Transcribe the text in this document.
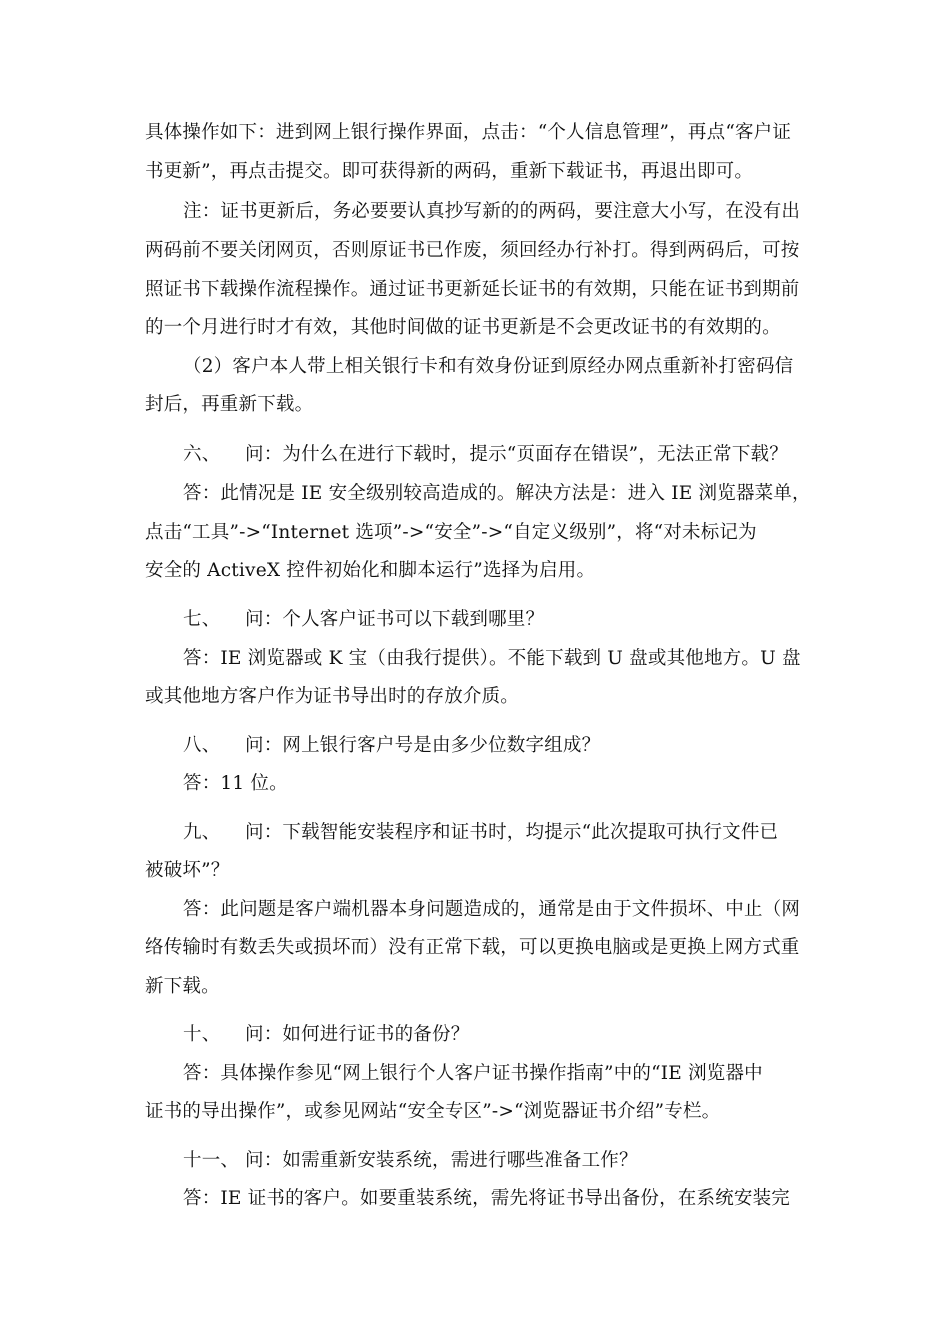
具体操作如下：进到网上银行操作界面，点击：“个人信息管理”，再点“客户证
书更新”，再点击提交。即可获得新的两码，重新下载证书，再退出即可。
注：证书更新后，务必要要认真抄写新的的两码，要注意大小写，在没有出
两码前不要关闭网页，否则原证书已作废，须回经办行补打。得到两码后，可按
照证书下载操作流程操作。通过证书更新延长证书的有效期，只能在证书到期前
的一个月进行时才有效，其他时间做的证书更新是不会更改证书的有效期的。
（2）客户本人带上相关银行卡和有效身份证到原经办网点重新补打密码信
封后，再重新下载。
六、 问：为什么在进行下载时，提示“页面存在错误”，无法正常下载？
答：此情况是 IE 安全级别较高造成的。解决方法是：进入 IE 浏览器菜单，
点击“工具”->“Internet 选项”->“安全”->“自定义级别”，将“对未标记为
安全的 ActiveX 控件初始化和脚本运行”选择为启用。
七、 问：个人客户证书可以下载到哪里？
答：IE 浏览器或 K 宝（由我行提供）。不能下载到 U 盘或其他地方。U 盘
或其他地方客户作为证书导出时的存放介质。
八、 问：网上银行客户号是由多少位数字组成？
答：11 位。
九、 问：下载智能安装程序和证书时，均提示“此次提取可执行文件已
被破坏”？
答：此问题是客户端机器本身问题造成的，通常是由于文件损坏、中止（网
络传输时有数丢失或损坏而）没有正常下载，可以更换电脑或是更换上网方式重
新下载。
十、 问：如何进行证书的备份？
答：具体操作参见“网上银行个人客户证书操作指南”中的“IE 浏览器中
证书的导出操作”，或参见网站“安全专区”->“浏览器证书介绍”专栏。
十一、 问：如需重新安装系统，需进行哪些准备工作？
答：IE 证书的客户。如要重装系统，需先将证书导出备份，在系统安装完
